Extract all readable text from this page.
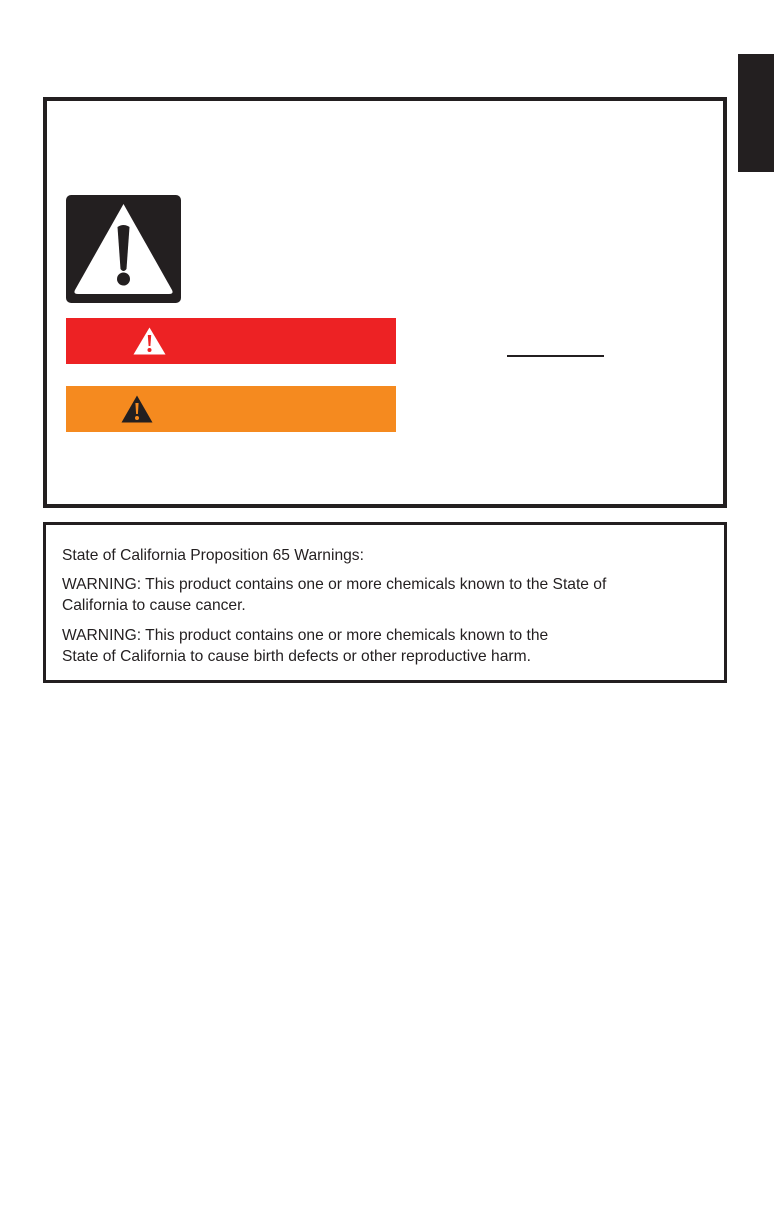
State of California Proposition 65 Warnings:

WARNING: This product contains one or more chemicals known to the State of
California to cause cancer.

WARNING: This product contains one or more chemicals known to the
State of California to cause birth defects or other reproductive harm.
